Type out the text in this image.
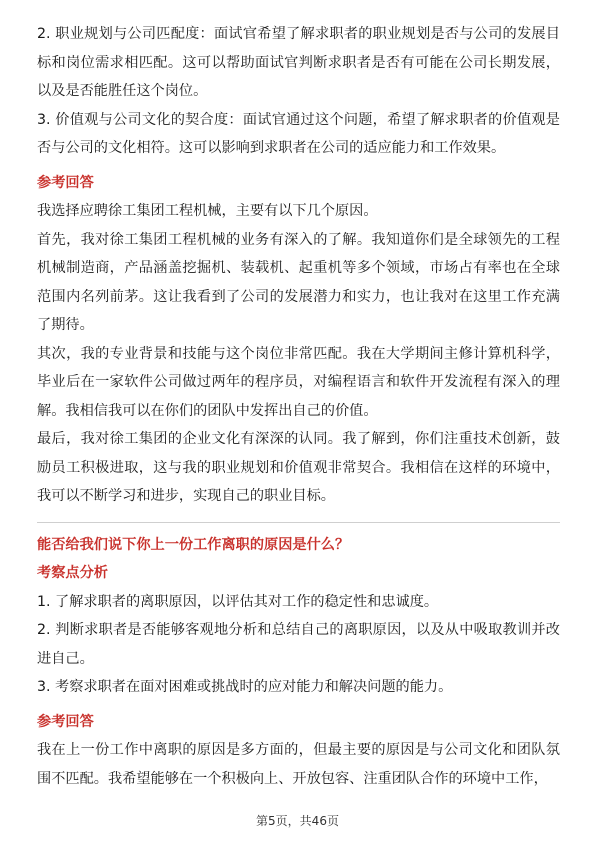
2. 职业规划与公司匹配度：面试官希望了解求职者的职业规划是否与公司的发展目标和岗位需求相匹配。这可以帮助面试官判断求职者是否有可能在公司长期发展，以及是否能胜任这个岗位。

3. 价值观与公司文化的契合度：面试官通过这个问题，希望了解求职者的价值观是否与公司的文化相符。这可以影响到求职者在公司的适应能力和工作效果。

参考回答

我选择应聘徐工集团工程机械，主要有以下几个原因。

首先，我对徐工集团工程机械的业务有深入的了解。我知道你们是全球领先的工程机械制造商，产品涵盖挖掘机、装载机、起重机等多个领域，市场占有率也在全球范围内名列前茅。这让我看到了公司的发展潜力和实力，也让我对在这里工作充满了期待。

其次，我的专业背景和技能与这个岗位非常匹配。我在大学期间主修计算机科学，毕业后在一家软件公司做过两年的程序员，对编程语言和软件开发流程有深入的理解。我相信我可以在你们的团队中发挥出自己的价值。

最后，我对徐工集团的企业文化有深深的认同。我了解到，你们注重技术创新，鼓励员工积极进取，这与我的职业规划和价值观非常契合。我相信在这样的环境中，我可以不断学习和进步，实现自己的职业目标。

能否给我们说下你上一份工作离职的原因是什么？

考察点分析

1. 了解求职者的离职原因，以评估其对工作的稳定性和忠诚度。

2. 判断求职者是否能够客观地分析和总结自己的离职原因，以及从中吸取教训并改进自己。

3. 考察求职者在面对困难或挑战时的应对能力和解决问题的能力。

参考回答

我在上一份工作中离职的原因是多方面的，但最主要的原因是与公司文化和团队氛围不匹配。我希望能够在一个积极向上、开放包容、注重团队合作的环境中工作，

第5页，共46页
